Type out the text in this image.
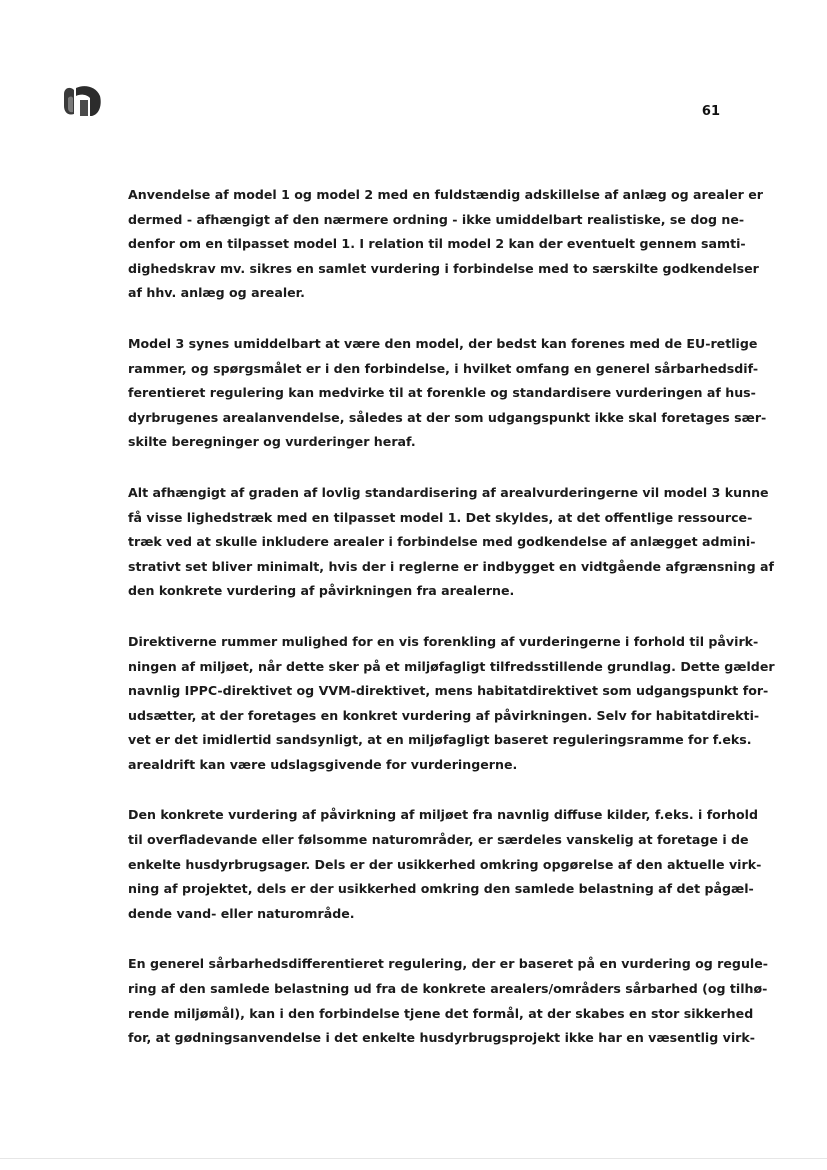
61

Anvendelse af model 1 og model 2 med en fuldstændig adskillelse af anlæg og arealer er
dermed - afhængigt af den nærmere ordning - ikke umiddelbart realistiske, se dog ne-
denfor om en tilpasset model 1. I relation til model 2 kan der eventuelt gennem samti-
dighedskrav mv. sikres en samlet vurdering i forbindelse med to særskilte godkendelser
af hhv. anlæg og arealer.

Model 3 synes umiddelbart at være den model, der bedst kan forenes med de EU-retlige
rammer, og spørgsmålet er i den forbindelse, i hvilket omfang en generel sårbarhedsdif-
ferentieret regulering kan medvirke til at forenkle og standardisere vurderingen af hus-
dyrbrugenes arealanvendelse, således at der som udgangspunkt ikke skal foretages sær-
skilte beregninger og vurderinger heraf.

Alt afhængigt af graden af lovlig standardisering af arealvurderingerne vil model 3 kunne
få visse lighedstræk med en tilpasset model 1. Det skyldes, at det offentlige ressource-
træk ved at skulle inkludere arealer i forbindelse med godkendelse af anlægget admini-
strativt set bliver minimalt, hvis der i reglerne er indbygget en vidtgående afgrænsning af
den konkrete vurdering af påvirkningen fra arealerne.

Direktiverne rummer mulighed for en vis forenkling af vurderingerne i forhold til påvirk-
ningen af miljøet, når dette sker på et miljøfagligt tilfredsstillende grundlag. Dette gælder
navnlig IPPC-direktivet og VVM-direktivet, mens habitatdirektivet som udgangspunkt for-
udsætter, at der foretages en konkret vurdering af påvirkningen. Selv for habitatdirekti-
vet er det imidlertid sandsynligt, at en miljøfagligt baseret reguleringsramme for f.eks.
arealdrift kan være udslagsgivende for vurderingerne.

Den konkrete vurdering af påvirkning af miljøet fra navnlig diffuse kilder, f.eks. i forhold
til overfladevande eller følsomme naturområder, er særdeles vanskelig at foretage i de
enkelte husdyrbrugsager. Dels er der usikkerhed omkring opgørelse af den aktuelle virk-
ning af projektet, dels er der usikkerhed omkring den samlede belastning af det pågæl-
dende vand- eller naturområde.

En generel sårbarhedsdifferentieret regulering, der er baseret på en vurdering og regule-
ring af den samlede belastning ud fra de konkrete arealers/områders sårbarhed (og tilhø-
rende miljømål), kan i den forbindelse tjene det formål, at der skabes en stor sikkerhed
for, at gødningsanvendelse i det enkelte husdyrbrugsprojekt ikke har en væsentlig virk-
